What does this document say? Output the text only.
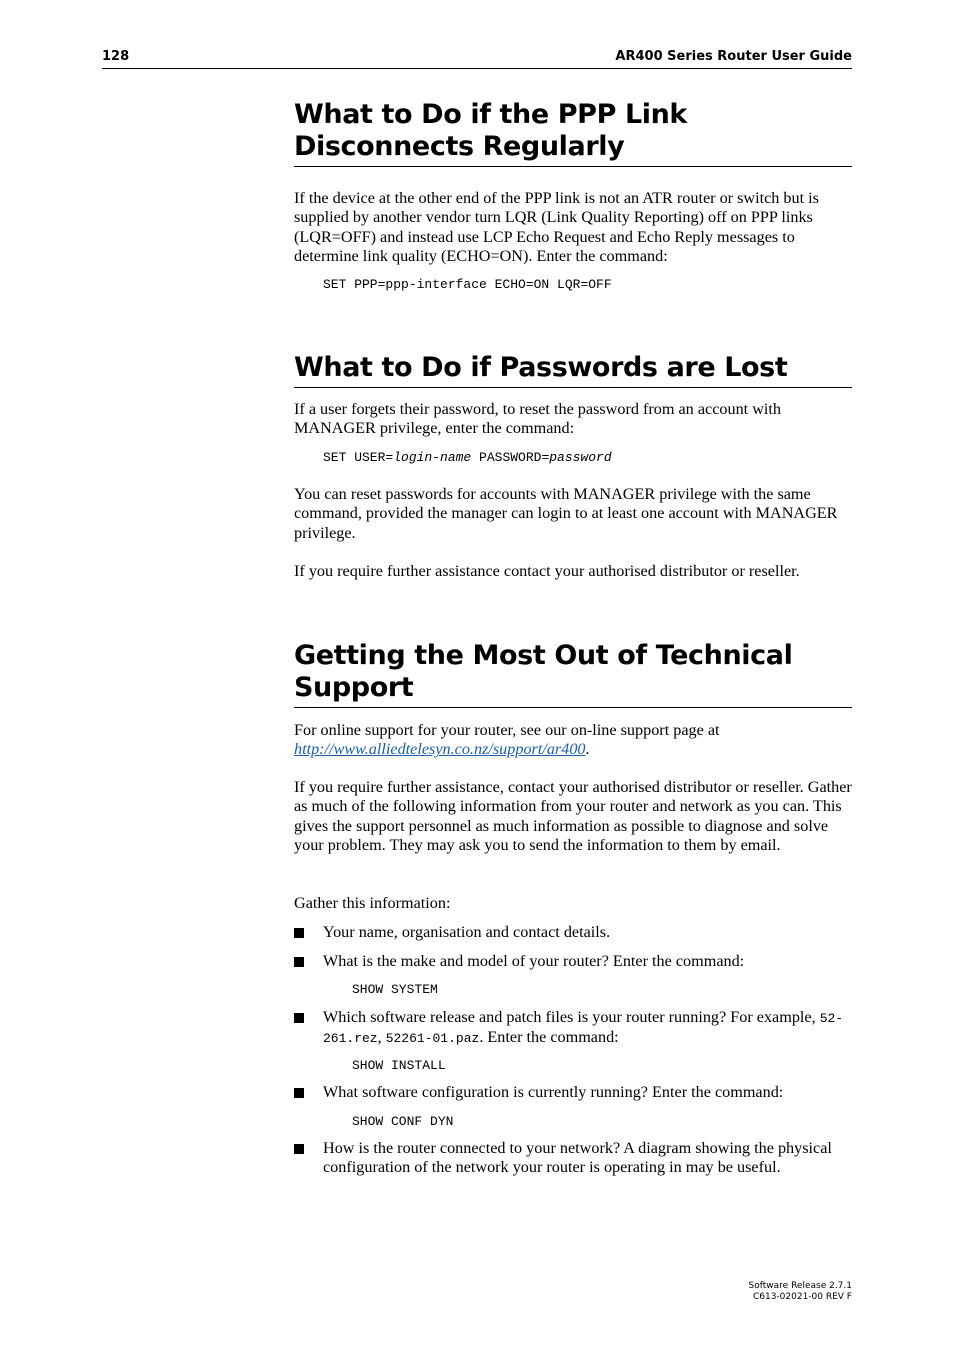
128	AR400 Series Router User Guide
What to Do if the PPP Link Disconnects Regularly

If the device at the other end of the PPP link is not an ATR router or switch but is supplied by another vendor turn LQR (Link Quality Reporting) off on PPP links (LQR=OFF) and instead use LCP Echo Request and Echo Reply messages to determine link quality (ECHO=ON). Enter the command:

SET PPP=ppp-interface ECHO=ON LQR=OFF
What to Do if Passwords are Lost

If a user forgets their password, to reset the password from an account with MANAGER privilege, enter the command:

SET USER=login-name PASSWORD=password

You can reset passwords for accounts with MANAGER privilege with the same command, provided the manager can login to at least one account with MANAGER privilege.

If you require further assistance contact your authorised distributor or reseller.

Getting the Most Out of Technical Support

For online support for your router, see our on-line support page at
http://www.alliedtelesyn.co.nz/support/ar400.

If you require further assistance, contact your authorised distributor or reseller. Gather as much of the following information from your router and network as you can. This gives the support personnel as much information as possible to diagnose and solve your problem. They may ask you to send the information to them by email.

Gather this information:

Your name, organisation and contact details.
What is the make and model of your router? Enter the command:
SHOW SYSTEM
Which software release and patch files is your router running? For example, 52-261.rez, 52261-01.paz. Enter the command:
SHOW INSTALL
What software configuration is currently running? Enter the command:
SHOW CONF DYN
How is the router connected to your network? A diagram showing the physical configuration of the network your router is operating in may be useful.
Software Release 2.7.1
C613-02021-00 REV F
